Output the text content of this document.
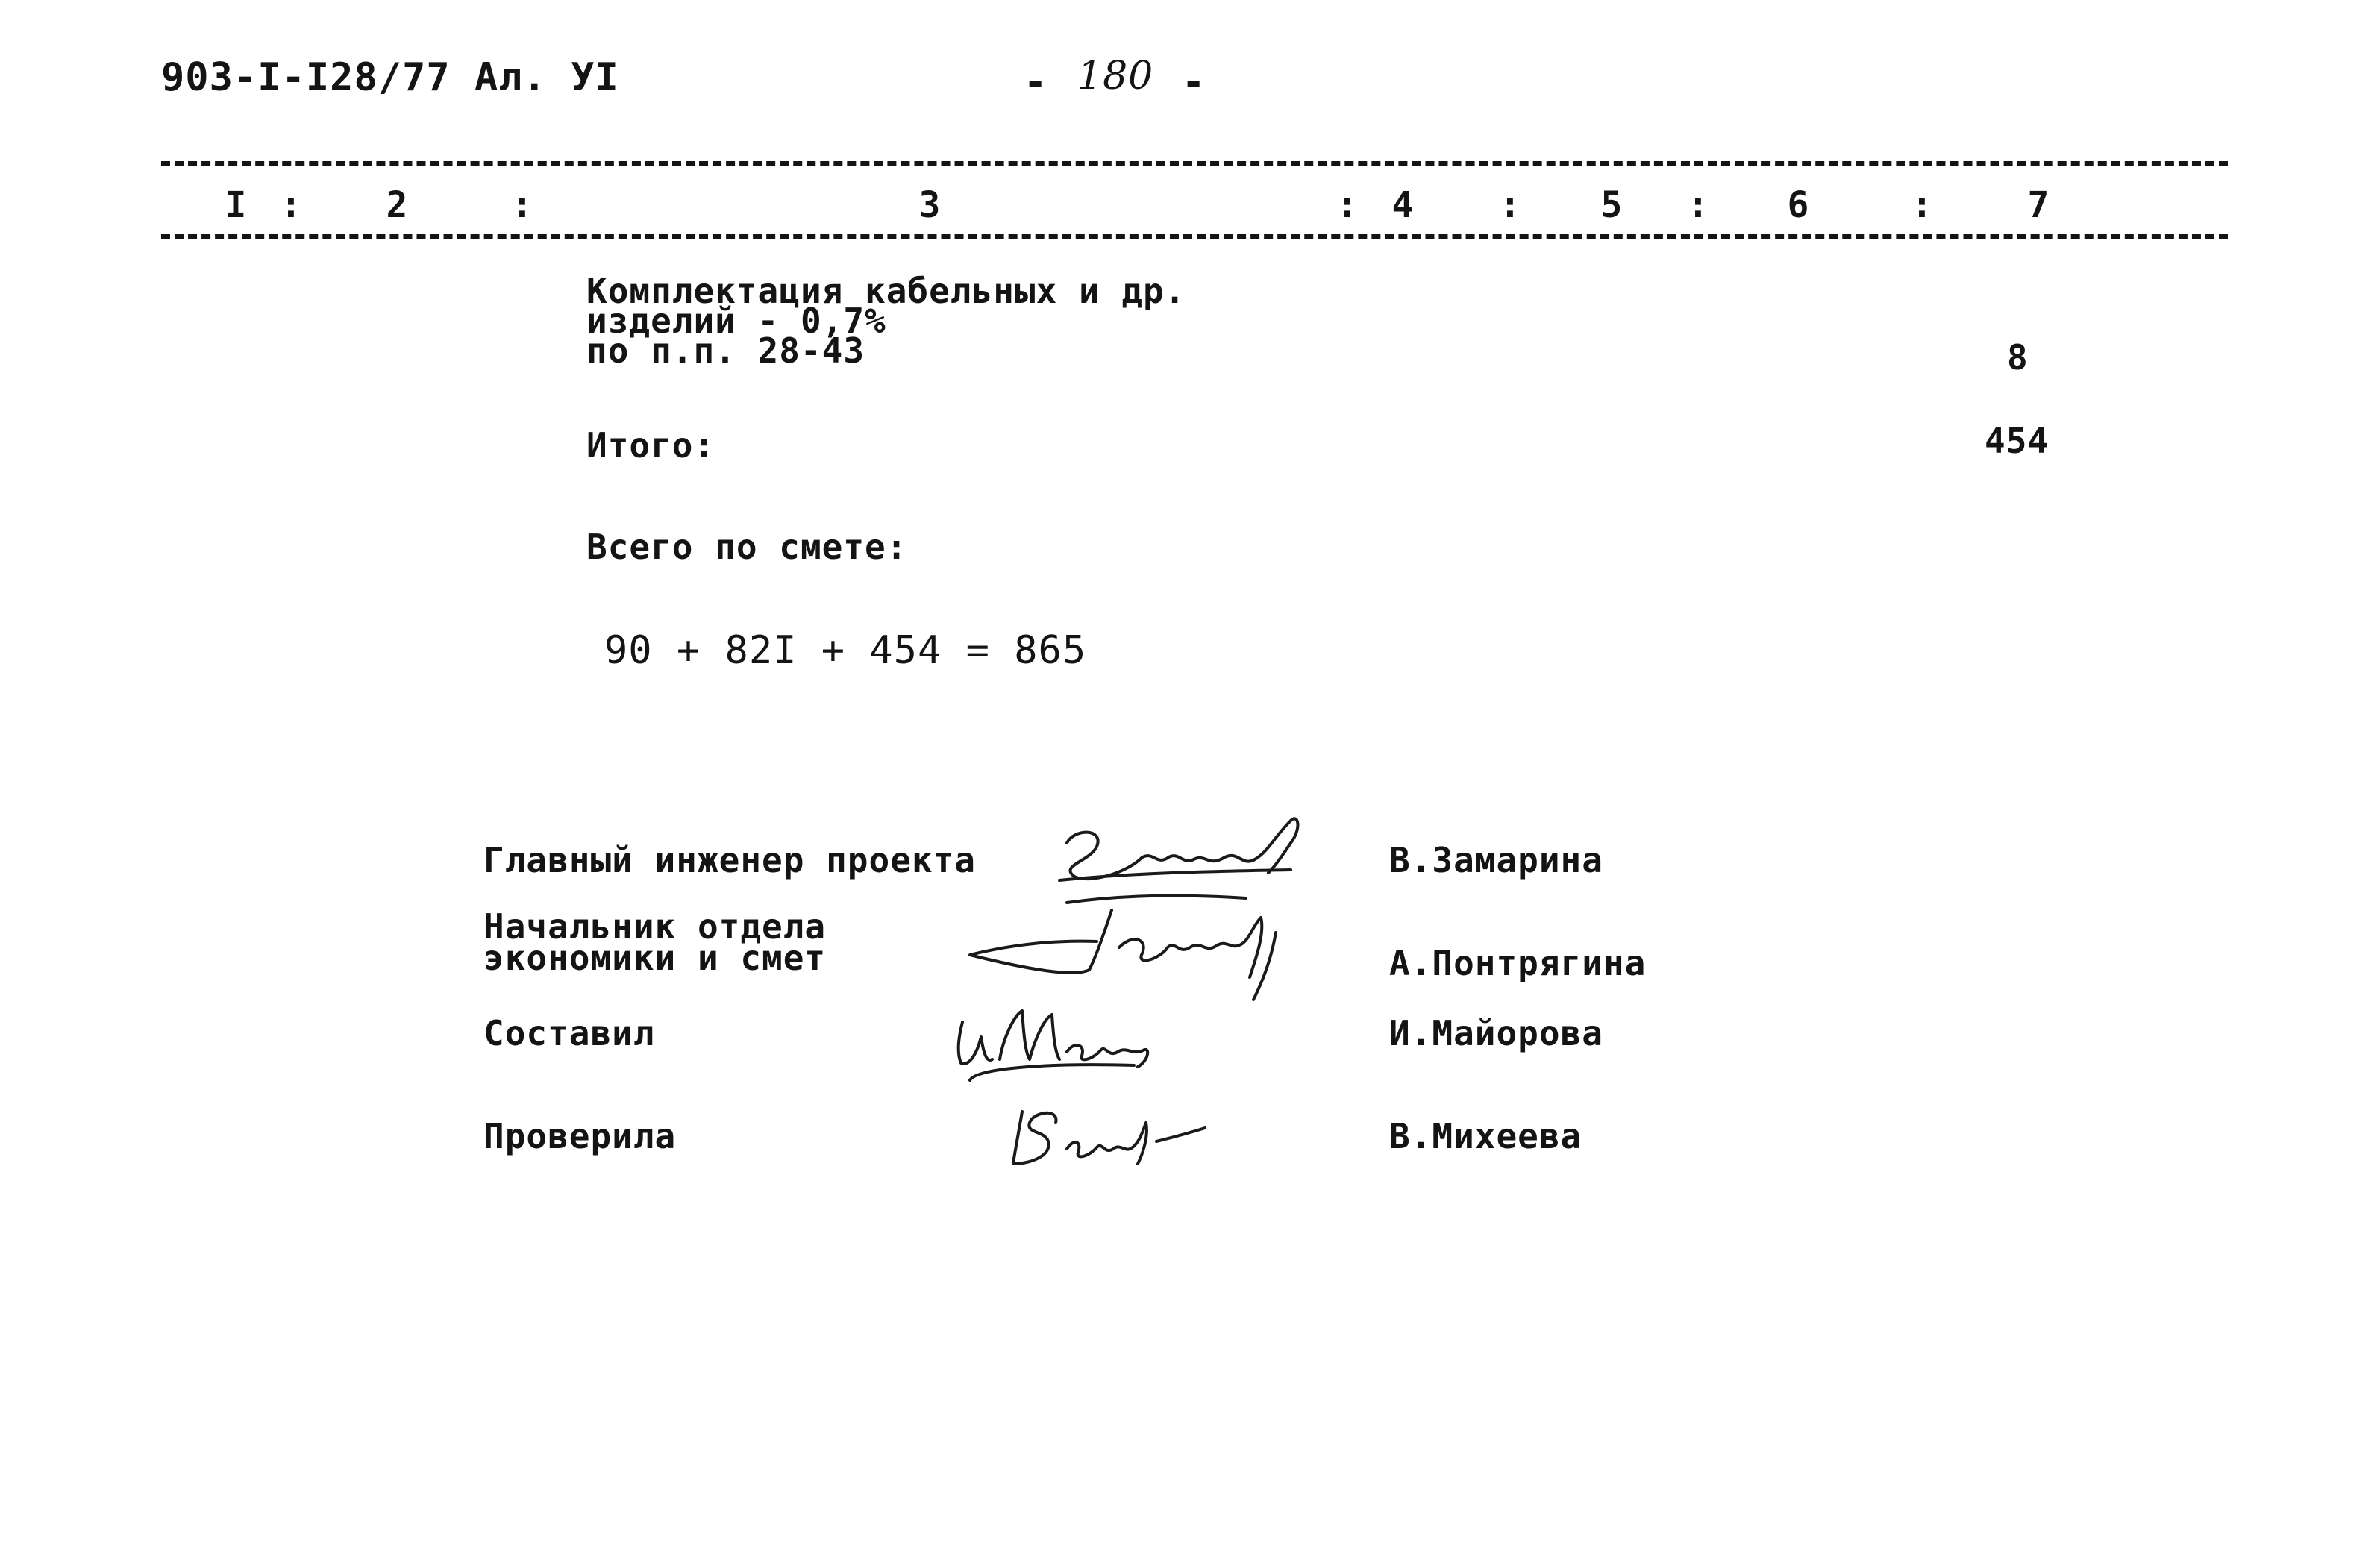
903-I-I28/77 Ал. УI	- 180 -
I :	2	:	3	: 4	:	5	:	6	:	7
Комплектация кабельных и др.
изделий - 0,7%
по п.п. 28-43	8
Итого:	454
Всего по смете:
90 + 82I + 454 = 865
Главный инженер проекта	В.Замарина
Начальник отдела
экономики и смет	А.Понтрягина
Составил	И.Майорова
Проверила	В.Михеева
